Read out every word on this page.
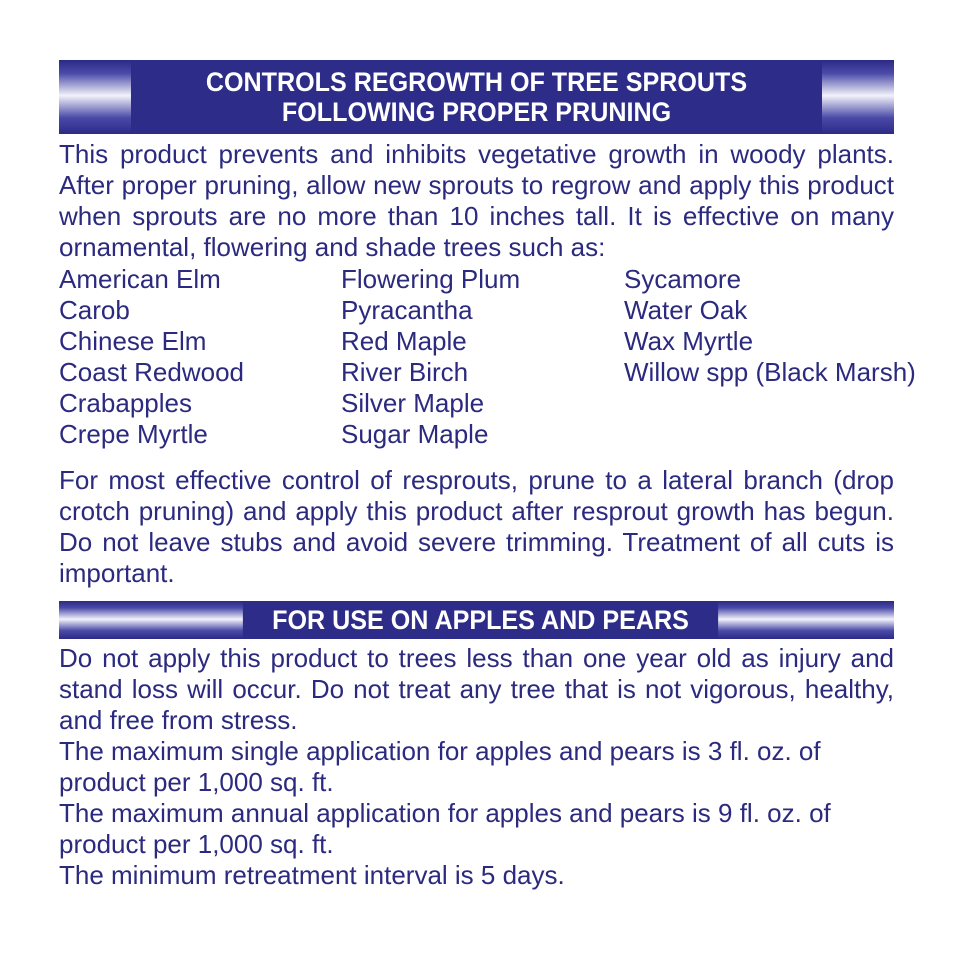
CONTROLS REGROWTH OF TREE SPROUTS
FOLLOWING PROPER PRUNING
This product prevents and inhibits vegetative growth in woody plants. After proper pruning, allow new sprouts to regrow and apply this product when sprouts are no more than 10 inches tall. It is effective on many ornamental, flowering and shade trees such as:
American Elm
Carob
Chinese Elm
Coast Redwood
Crabapples
Crepe Myrtle
Flowering Plum
Pyracantha
Red Maple
River Birch
Silver Maple
Sugar Maple
Sycamore
Water Oak
Wax Myrtle
Willow spp (Black Marsh)
For most effective control of resprouts, prune to a lateral branch (drop crotch pruning) and apply this product after resprout growth has begun. Do not leave stubs and avoid severe trimming. Treatment of all cuts is important.
FOR USE ON APPLES AND PEARS
Do not apply this product to trees less than one year old as injury and stand loss will occur. Do not treat any tree that is not vigorous, healthy, and free from stress.
The maximum single application for apples and pears is 3 fl. oz. of product per 1,000 sq. ft.
The maximum annual application for apples and pears is 9 fl. oz. of product per 1,000 sq. ft.
The minimum retreatment interval is 5 days.
